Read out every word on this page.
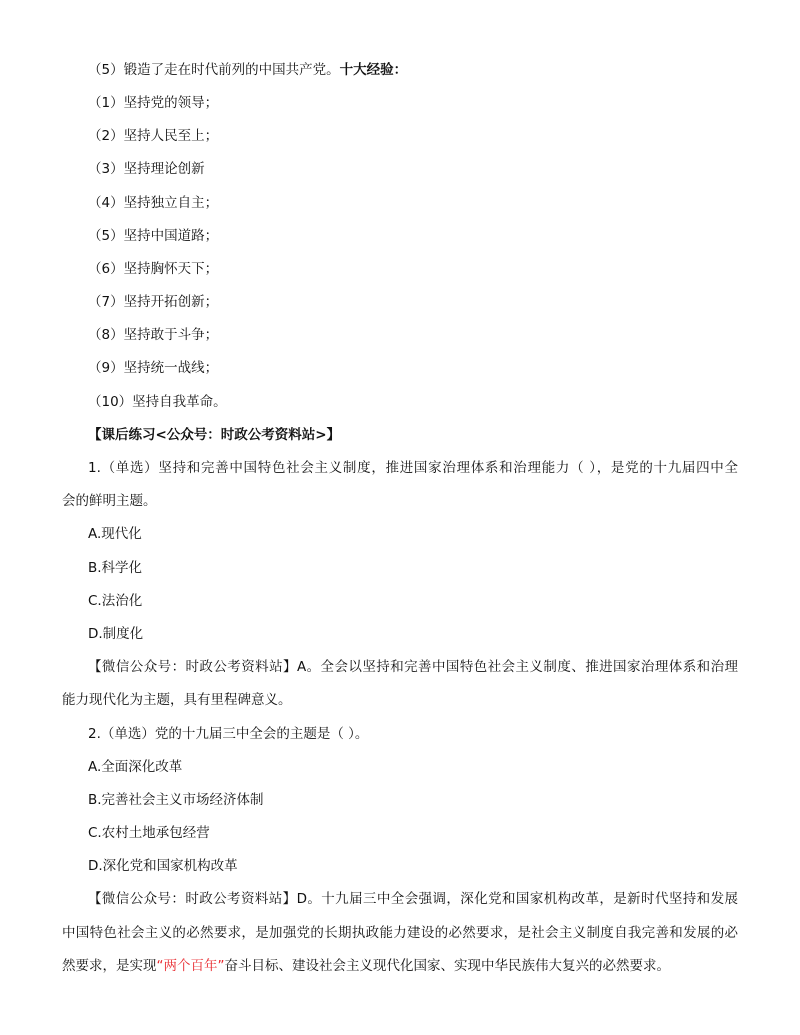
（5）锻造了走在时代前列的中国共产党。十大经验：
（1）坚持党的领导；
（2）坚持人民至上；
（3）坚持理论创新
（4）坚持独立自主；
（5）坚持中国道路；
（6）坚持胸怀天下；
（7）坚持开拓创新；
（8）坚持敢于斗争；
（9）坚持统一战线；
（10）坚持自我革命。
【课后练习<公众号：时政公考资料站>】
1.（单选）坚持和完善中国特色社会主义制度，推进国家治理体系和治理能力（ ），是党的十九届四中全
会的鲜明主题。
A.现代化
B.科学化
C.法治化
D.制度化
【微信公众号：时政公考资料站】A。全会以坚持和完善中国特色社会主义制度、推进国家治理体系和治理
能力现代化为主题，具有里程碑意义。
2.（单选）党的十九届三中全会的主题是（ ）。
A.全面深化改革
B.完善社会主义市场经济体制
C.农村土地承包经营
D.深化党和国家机构改革
【微信公众号：时政公考资料站】D。十九届三中全会强调，深化党和国家机构改革，是新时代坚持和发展
中国特色社会主义的必然要求，是加强党的长期执政能力建设的必然要求，是社会主义制度自我完善和发展的必
然要求，是实现“两个百年”奋斗目标、建设社会主义现代化国家、实现中华民族伟大复兴的必然要求。
